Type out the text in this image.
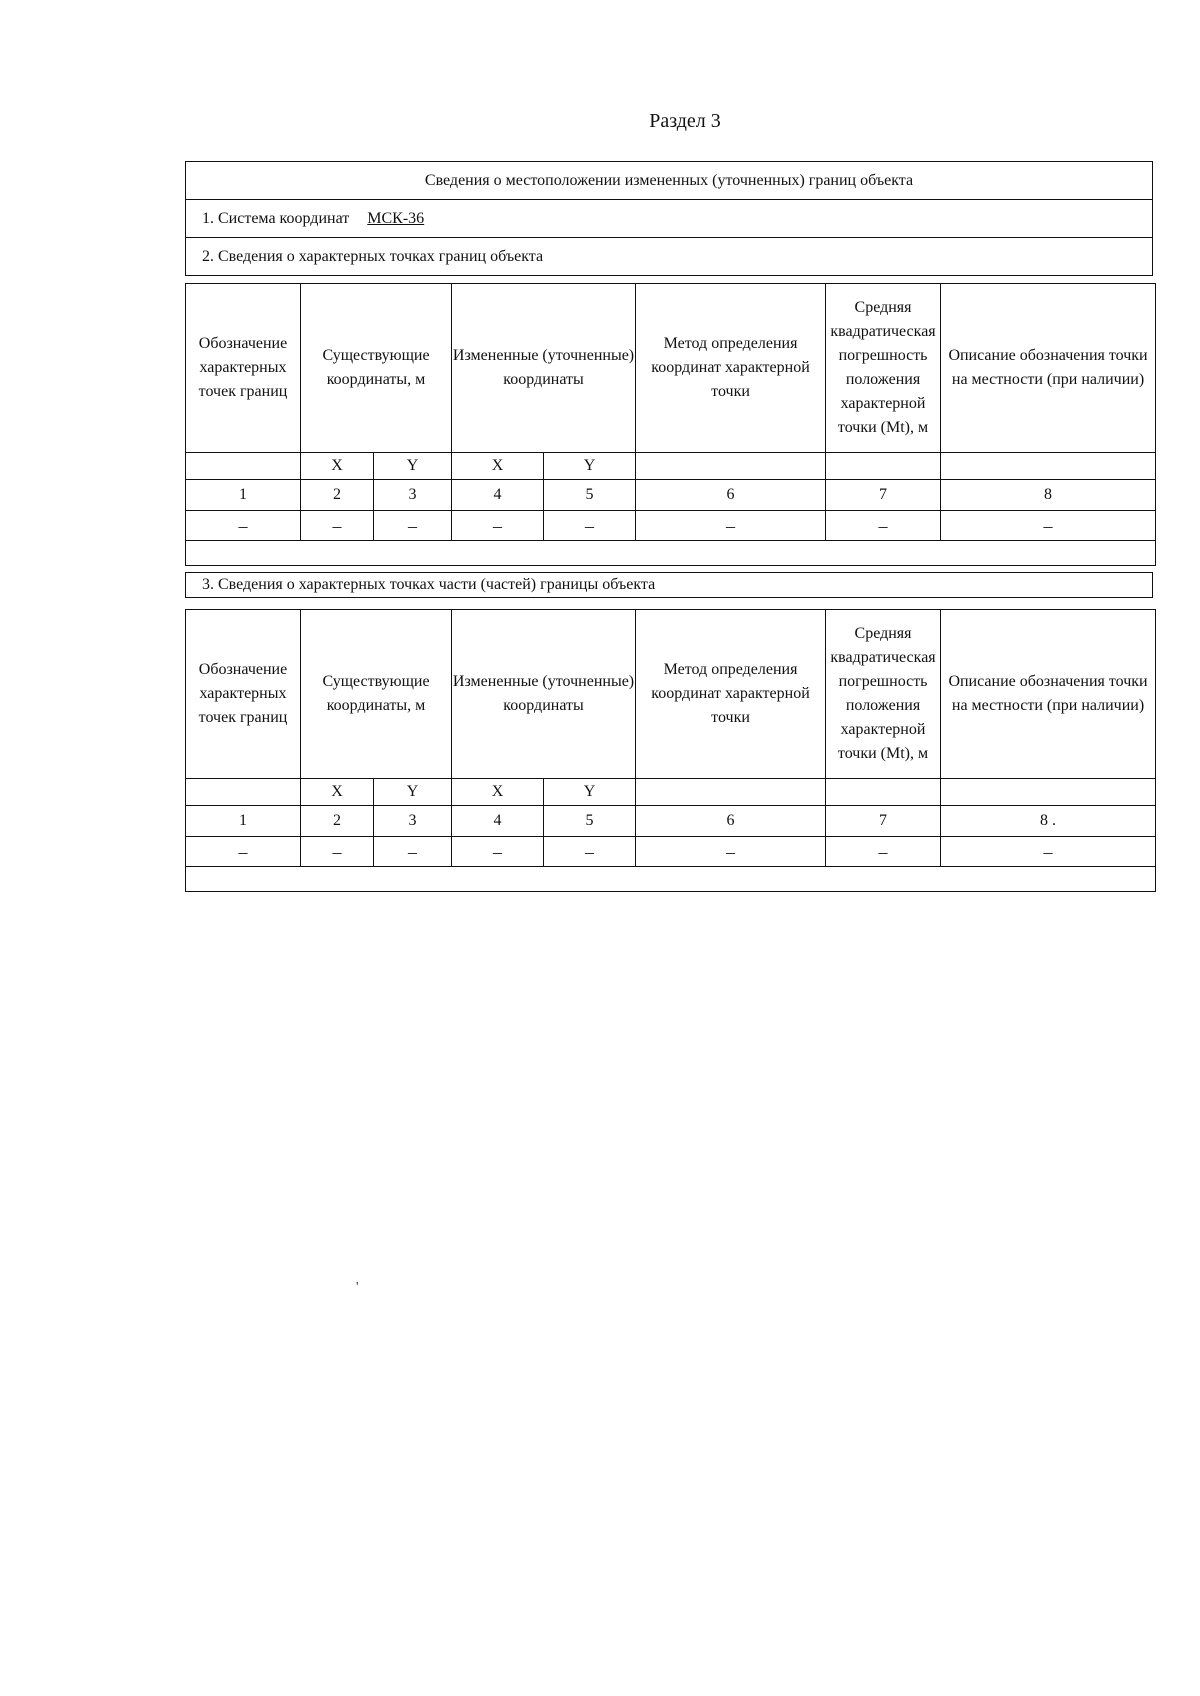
Раздел 3
Сведения о местоположении измененных (уточненных) границ объекта
1. Система координат МСК-36
2. Сведения о характерных точках границ объекта
Обозначение характерных точек границ	Существующие координаты, м		Измененные (уточненные) координаты		Метод определения координат характерной точки	Средняя квадратическая погрешность положения характерной точки (Mt), м	Описание обозначения точки на местности (при наличии)
	X	Y	X	Y			
1	2	3	4	5	6	7	8
–	–	–	–	–	–	–	–

3. Сведения о характерных точках части (частей) границы объекта
Обозначение характерных точек границ	Существующие координаты, м		Измененные (уточненные) координаты		Метод определения координат характерной точки	Средняя квадратическая погрешность положения характерной точки (Mt), м	Описание обозначения точки на местности (при наличии)
	X	Y	X	Y			
1	2	3	4	5	6	7	8 .
–	–	–	–	–	–	–	–

'
